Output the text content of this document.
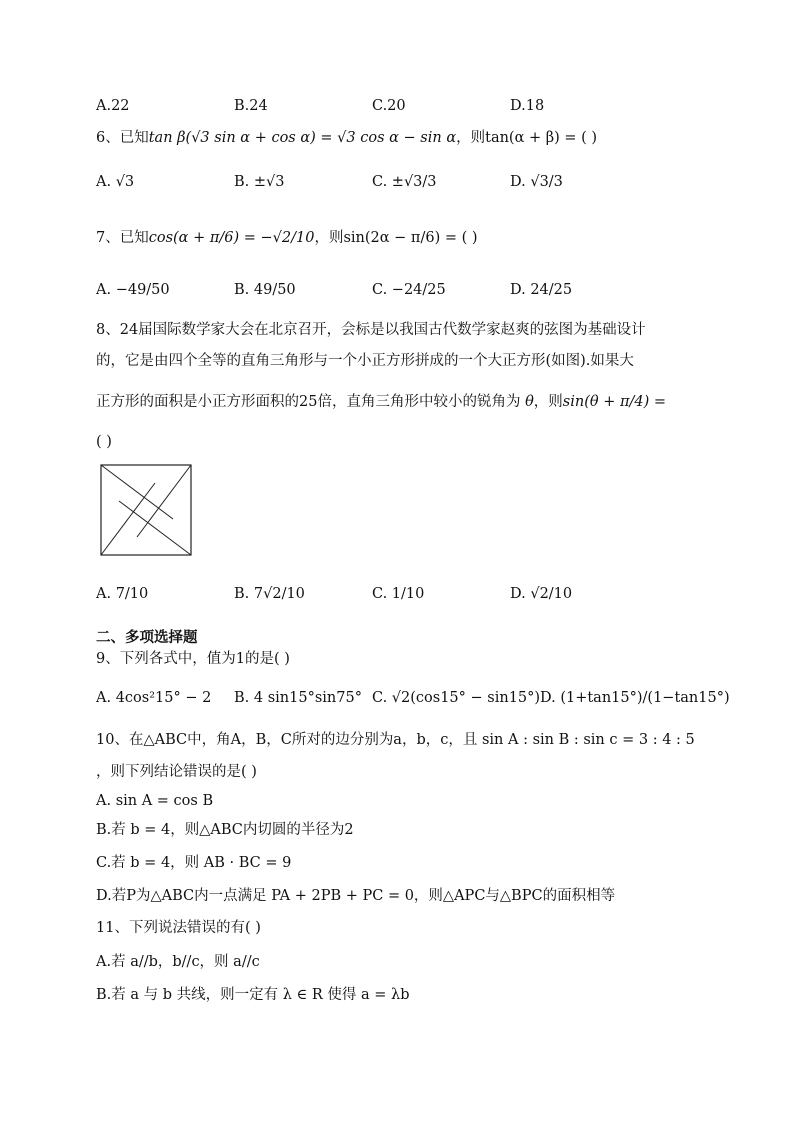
A.22	B.24	C.20	D.18
6、已知tan β(√3 sin α + cos α) = √3 cos α − sin α，则tan(α + β) = ( )
A. √3	B. ±√3	C. ±√3/3	D. √3/3
7、已知cos(α + π/6) = −√2/10，则sin(2α − π/6) = ( )
A. −49/50	B. 49/50	C. −24/25	D. 24/25
8、24届国际数学家大会在北京召开，会标是以我国古代数学家赵爽的弦图为基础设计
的，它是由四个全等的直角三角形与一个小正方形拼成的一个大正方形(如图).如果大
正方形的面积是小正方形面积的25倍，直角三角形中较小的锐角为 θ，则sin(θ + π/4) =
( )
A. 7/10	B. 7√2/10	C. 1/10	D. √2/10
二、多项选择题
9、下列各式中，值为1的是( )
A. 4cos²15° − 2 B. 4 sin15°sin75° C. √2(cos15° − sin15°) D. (1+tan15°)/(1−tan15°)
10、在△ABC中，角A，B，C所对的边分别为a，b，c，且 sin A : sin B : sin c = 3 : 4 : 5
，则下列结论错误的是( )
A. sin A = cos B
B.若 b = 4，则△ABC内切圆的半径为2
C.若 b = 4，则 AB · BC = 9
D.若P为△ABC内一点满足 PA + 2PB + PC = 0，则△APC与△BPC的面积相等
11、下列说法错误的有( )
A.若 a//b，b//c，则 a//c
B.若 a 与 b 共线，则一定有 λ ∈ R 使得 a = λb
